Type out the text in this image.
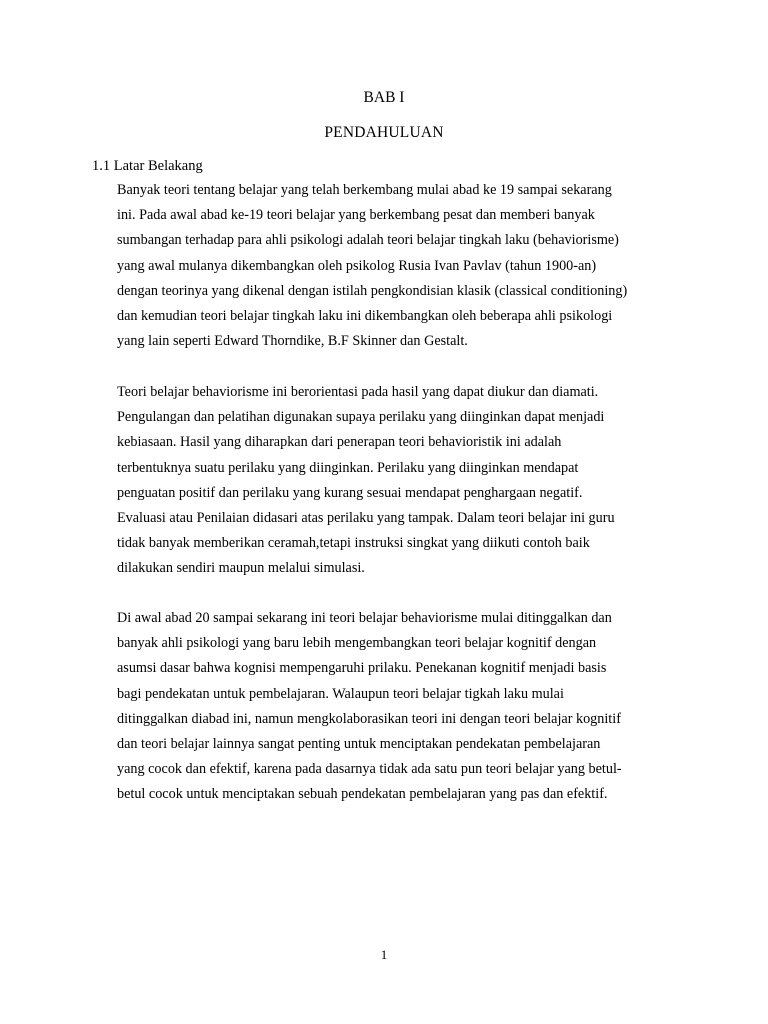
BAB I
PENDAHULUAN
1.1 Latar Belakang

Banyak teori tentang belajar yang telah berkembang mulai abad ke 19 sampai sekarang
ini. Pada awal abad ke-19 teori belajar yang berkembang pesat dan memberi banyak
sumbangan terhadap para ahli psikologi adalah teori belajar tingkah laku (behaviorisme)
yang awal mulanya dikembangkan oleh psikolog Rusia Ivan Pavlav (tahun 1900-an)
dengan teorinya yang dikenal dengan istilah pengkondisian klasik (classical conditioning)
dan kemudian teori belajar tingkah laku ini dikembangkan oleh beberapa ahli psikologi
yang lain seperti Edward Thorndike, B.F Skinner dan Gestalt.

Teori belajar behaviorisme ini berorientasi pada hasil yang dapat diukur dan diamati.
Pengulangan dan pelatihan digunakan supaya perilaku yang diinginkan dapat menjadi
kebiasaan. Hasil yang diharapkan dari penerapan teori behavioristik ini adalah
terbentuknya suatu perilaku yang diinginkan. Perilaku yang diinginkan mendapat
penguatan positif dan perilaku yang kurang sesuai mendapat penghargaan negatif.
Evaluasi atau Penilaian didasari atas perilaku yang tampak. Dalam teori belajar ini guru
tidak banyak memberikan ceramah,tetapi instruksi singkat yang diikuti contoh baik
dilakukan sendiri maupun melalui simulasi.

Di awal abad 20 sampai sekarang ini teori belajar behaviorisme mulai ditinggalkan dan
banyak ahli psikologi yang baru lebih mengembangkan teori belajar kognitif dengan
asumsi dasar bahwa kognisi mempengaruhi prilaku. Penekanan kognitif menjadi basis
bagi pendekatan untuk pembelajaran. Walaupun teori belajar tigkah laku mulai
ditinggalkan diabad ini, namun mengkolaborasikan teori ini dengan teori belajar kognitif
dan teori belajar lainnya sangat penting untuk menciptakan pendekatan pembelajaran
yang cocok dan efektif, karena pada dasarnya tidak ada satu pun teori belajar yang betul-
betul cocok untuk menciptakan sebuah pendekatan pembelajaran yang pas dan efektif.

1
